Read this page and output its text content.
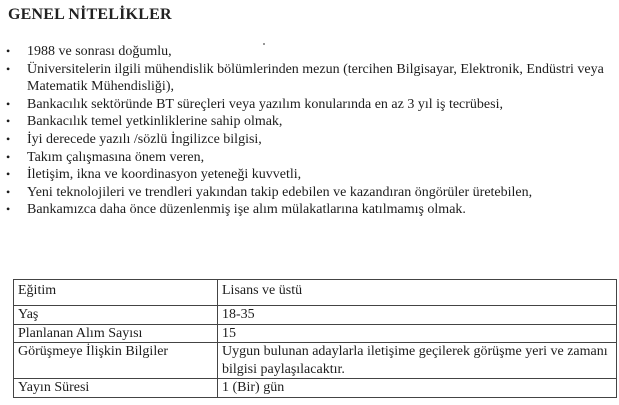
GENEL NİTELİKLER
• 1988 ve sonrası doğumlu,
• Üniversitelerin ilgili mühendislik bölümlerinden mezun (tercihen Bilgisayar, Elektronik, Endüstri veya Matematik Mühendisliği),
• Bankacılık sektöründe BT süreçleri veya yazılım konularında en az 3 yıl iş tecrübesi,
• Bankacılık temel yetkinliklerine sahip olmak,
• İyi derecede yazılı /sözlü İngilizce bilgisi,
• Takım çalışmasına önem veren,
• İletişim, ikna ve koordinasyon yeteneği kuvvetli,
• Yeni teknolojileri ve trendleri yakından takip edebilen ve kazandıran öngörüler üretebilen,
• Bankamızca daha önce düzenlenmiş işe alım mülakatlarına katılmamış olmak.
Eğitim	Lisans ve üstü
Yaş	18-35
Planlanan Alım Sayısı	15
Görüşmeye İlişkin Bilgiler	Uygun bulunan adaylarla iletişime geçilerek görüşme yeri ve zamanı bilgisi paylaşılacaktır.
Yayın Süresi	1 (Bir) gün
